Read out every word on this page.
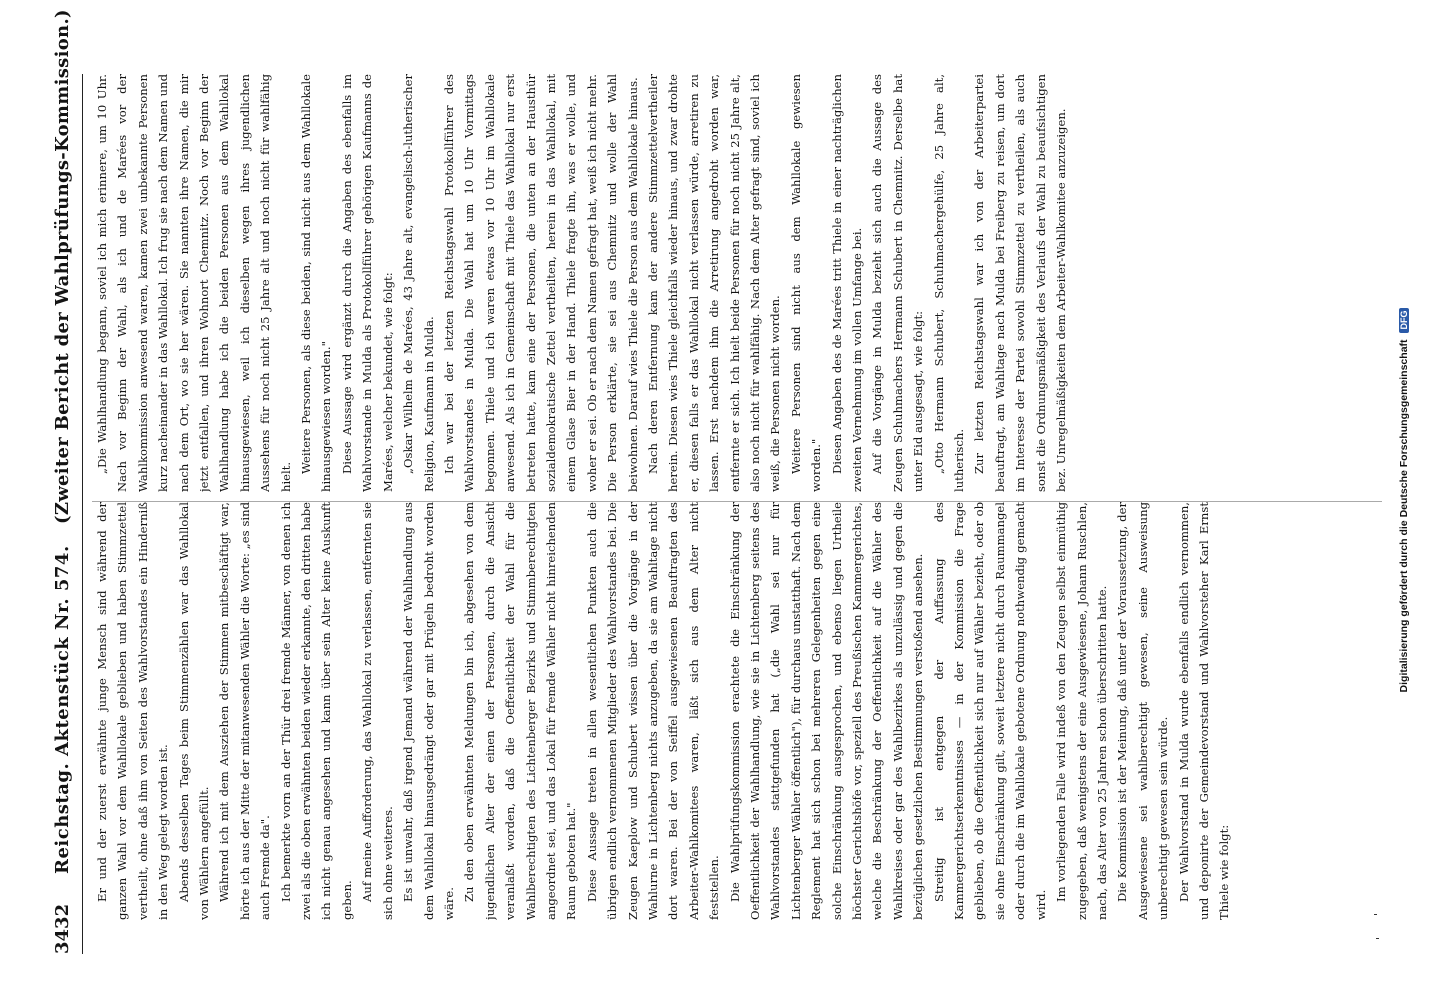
3432
Reichstag. Aktenstück Nr. 574.
(Zweiter Bericht der Wahlprüfungs-Kommission.)

Er und der zuerst erwähnte junge Mensch sind während der ganzen Wahl vor dem Wahllokale geblieben und haben Stimmzettel vertheilt, ohne daß ihm von Seiten des Wahlvorstandes ein Hinderniß in den Weg gelegt worden ist. Abends desselben Tages beim Stimmenzählen war das Wahllokal von Wählern angefüllt. Während ich mit dem Ausziehen der Stimmen mitbeschäftigt war, hörte ich aus der Mitte der mitanwesenden Wähler die Worte: „es sind auch Fremde da". Ich bemerkte vorn an der Thür drei fremde Männer, von denen ich zwei als die oben erwähnten beiden wieder erkannte, den dritten habe ich nicht genau angesehen und kann über sein Alter keine Auskunft geben. Auf meine Aufforderung, das Wahllokal zu verlassen, entfernten sie sich ohne weiteres. Es ist unwahr, daß irgend Jemand während der Wahlhandlung aus dem Wahllokal hinausgedrängt oder gar mit Prügeln bedroht worden wäre.

Zu den oben erwähnten Meldungen bin ich, abgesehen von dem jugendlichen Alter der einen der Personen, durch die Ansicht veranlaßt worden, daß die Oeffentlichkeit der Wahl für die Wahlberechtigten des Lichtenberger Bezirks und Stimmberechtigten angeordnet sei, und das Lokal für fremde Wähler nicht hinreichenden Raum geboten hat." Diese Aussage treten in allen wesentlichen Punkten auch die übrigen endlich vernommenen Mitglieder des Wahlvorstandes bei. Die Zeugen Kaeplow und Schubert wissen über die Vorgänge in der Wahlurne in Lichtenberg nichts anzugeben, da sie am Wahltage nicht dort waren. Bei der von Seiffel ausgewiesenen Beauftragten des Arbeiter-Wahlkomitees waren, läßt sich aus dem Alter nicht feststellen. Die Wahlprüfungskommission erachtete die Einschränkung der Oeffentlichkeit der Wahlhandlung, wie sie in Lichtenberg seitens des Wahlvorstandes stattgefunden hat („die Wahl sei nur für Lichtenberger Wähler öffentlich"), für durchaus unstatthaft. Nach dem Reglement hat sich schon bei mehreren Gelegenheiten gegen eine solche Einschränkung ausgesprochen, und ebenso liegen Urtheile höchster Gerichtshöfe vor, speziell des Preußischen Kammergerichtes, welche die Beschränkung der Oeffentlichkeit auf die Wähler des Wahlkreises oder gar des Wahlbezirkes als unzulässig und gegen die bezüglichen gesetzlichen Bestimmungen verstoßend ansehen. Streitig ist entgegen der Auffassung des Kammergerichtserkenntnisses — in der Kommission die Frage geblieben, ob die Oeffentlichkeit sich nur auf Wähler bezieht, oder ob sie ohne Einschränkung gilt, soweit letztere nicht durch Raummangel oder durch die im Wahllokale gebotene Ordnung nothwendig gemacht wird.

Im vorliegenden Falle wird indeß von den Zeugen selbst einmüthig zugegeben, daß wenigstens der eine Ausgewiesene, Johann Ruschlen, nach, das Alter von 25 Jahren schon überschritten hatte. Die Kommission ist der Meinung, daß unter der Voraussetzung, der Ausgewiesene sei wahlberechtigt gewesen, seine Ausweisung unberechtigt gewesen sein würde. Der Wahlvorstand in Mulda wurde ebenfalls endlich vernommen, und deponirte der Gemeindevorstand und Wahlvorsteher Karl Ernst Thiele wie folgt:

„Die Wahlhandlung begann, soviel ich mich erinnere, um 10 Uhr. Nach vor Beginn der Wahl, als ich und de Marées vor der Wahlkommission anwesend waren, kamen zwei unbekannte Personen kurz nacheinander in das Wahllokal. Ich frug sie nach dem Namen und nach dem Ort, wo sie her wären. Sie nannten ihre Namen, die mir jetzt entfallen, und ihren Wohnort Chemnitz. Noch vor Beginn der Wahlhandlung habe ich die beiden Personen aus dem Wahllokal hinausgewiesen, weil ich dieselben wegen ihres jugendlichen Aussehens für noch nicht 25 Jahre alt und noch nicht für wahlfähig hielt.

Weitere Personen, als diese beiden, sind nicht aus dem Wahllokale hinausgewiesen worden." Diese Aussage wird ergänzt durch die Angaben des ebenfalls im Wahlvorstande in Mulda als Protokollführer gehörigen Kaufmanns de Marées, welcher bekundet, wie folgt: „Oskar Wilhelm de Marées, 43 Jahre alt, evangelisch-lutherischer Religion, Kaufmann in Mulda. Ich war bei der letzten Reichstagswahl Protokollführer des Wahlvorstandes in Mulda. Die Wahl hat um 10 Uhr Vormittags begonnen. Thiele und ich waren etwas vor 10 Uhr im Wahllokale anwesend. Als ich in Gemeinschaft mit Thiele das Wahllokal nur erst betreten hatte, kam eine der Personen, die unten an der Hausthür sozialdemokratische Zettel vertheilten, herein in das Wahllokal, mit einem Glase Bier in der Hand. Thiele fragte ihn, was er wolle, und woher er sei. Ob er nach dem Namen gefragt hat, weiß ich nicht mehr. Die Person erklärte, sie sei aus Chemnitz und wolle der Wahl beiwohnen. Darauf wies Thiele die Person aus dem Wahllokale hinaus. Nach deren Entfernung kam der andere Stimmzettelvertheiler herein. Diesen wies Thiele gleichfalls wieder hinaus, und zwar drohte er, diesen falls er das Wahllokal nicht verlassen würde, arretiren zu lassen. Erst nachdem ihm die Arretirung angedroht worden war, entfernte er sich. Ich hielt beide Personen für noch nicht 25 Jahre alt, also noch nicht für wahlfähig. Nach dem Alter gefragt sind, soviel ich weiß, die Personen nicht worden. Weitere Personen sind nicht aus dem Wahllokale gewiesen worden." Diesen Angaben des de Marées tritt Thiele in einer nachträglichen zweiten Vernehmung im vollen Umfange bei. Auf die Vorgänge in Mulda bezieht sich auch die Aussage des Zeugen Schuhmachers Hermann Schubert in Chemnitz. Derselbe hat unter Eid ausgesagt, wie folgt: „Otto Hermann Schubert, Schuhmachergehülfe, 25 Jahre alt, lutherisch. Zur letzten Reichstagswahl war ich von der Arbeiterpartei beauftragt, am Wahltage nach Mulda bei Freiberg zu reisen, um dort im Interesse der Partei sowohl Stimmzettel zu vertheilen, als auch sonst die Ordnungsmäßigkeit des Verlaufs der Wahl zu beaufsichtigen bez. Unregelmäßigkeiten dem Arbeiter-Wahlkomitee anzuzeigen.

Digitalisierung gefördert durch die Deutsche Forschungsgemeinschaft DFG
